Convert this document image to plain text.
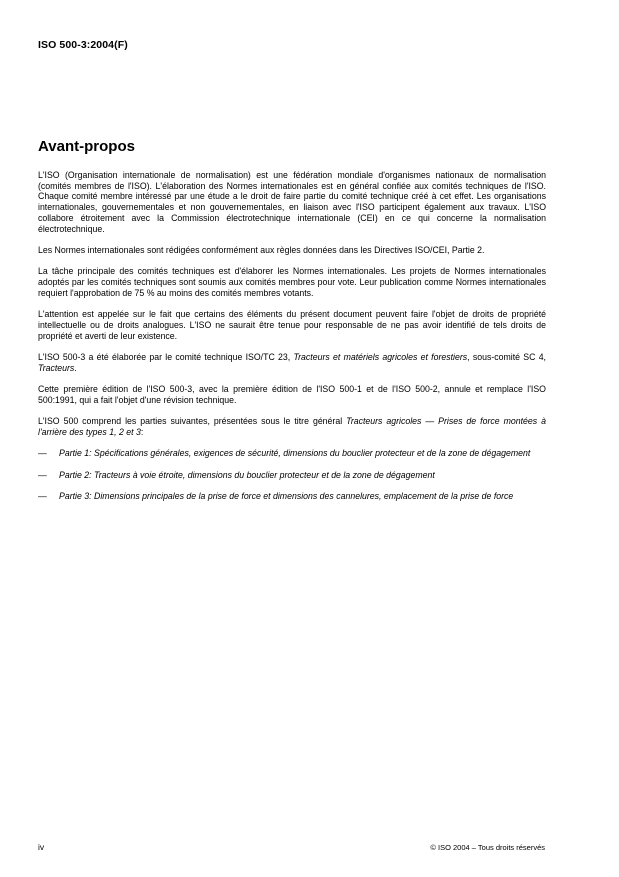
ISO 500-3:2004(F)
Avant-propos

L'ISO (Organisation internationale de normalisation) est une fédération mondiale d'organismes nationaux de normalisation (comités membres de l'ISO). L'élaboration des Normes internationales est en général confiée aux comités techniques de l'ISO. Chaque comité membre intéressé par une étude a le droit de faire partie du comité technique créé à cet effet. Les organisations internationales, gouvernementales et non gouvernementales, en liaison avec l'ISO participent également aux travaux. L'ISO collabore étroitement avec la Commission électrotechnique internationale (CEI) en ce qui concerne la normalisation électrotechnique.

Les Normes internationales sont rédigées conformément aux règles données dans les Directives ISO/CEI, Partie 2.

La tâche principale des comités techniques est d'élaborer les Normes internationales. Les projets de Normes internationales adoptés par les comités techniques sont soumis aux comités membres pour vote. Leur publication comme Normes internationales requiert l'approbation de 75 % au moins des comités membres votants.

L'attention est appelée sur le fait que certains des éléments du présent document peuvent faire l'objet de droits de propriété intellectuelle ou de droits analogues. L'ISO ne saurait être tenue pour responsable de ne pas avoir identifié de tels droits de propriété et averti de leur existence.

L'ISO 500-3 a été élaborée par le comité technique ISO/TC 23, Tracteurs et matériels agricoles et forestiers, sous-comité SC 4, Tracteurs.

Cette première édition de l'ISO 500-3, avec la première édition de l'ISO 500-1 et de l'ISO 500-2, annule et remplace l'ISO 500:1991, qui a fait l'objet d'une révision technique.

L'ISO 500 comprend les parties suivantes, présentées sous le titre général Tracteurs agricoles — Prises de force montées à l'arrière des types 1, 2 et 3:

— Partie 1: Spécifications générales, exigences de sécurité, dimensions du bouclier protecteur et de la zone de dégagement
— Partie 2: Tracteurs à voie étroite, dimensions du bouclier protecteur et de la zone de dégagement
— Partie 3: Dimensions principales de la prise de force et dimensions des cannelures, emplacement de la prise de force
iv	© ISO 2004 – Tous droits réservés
